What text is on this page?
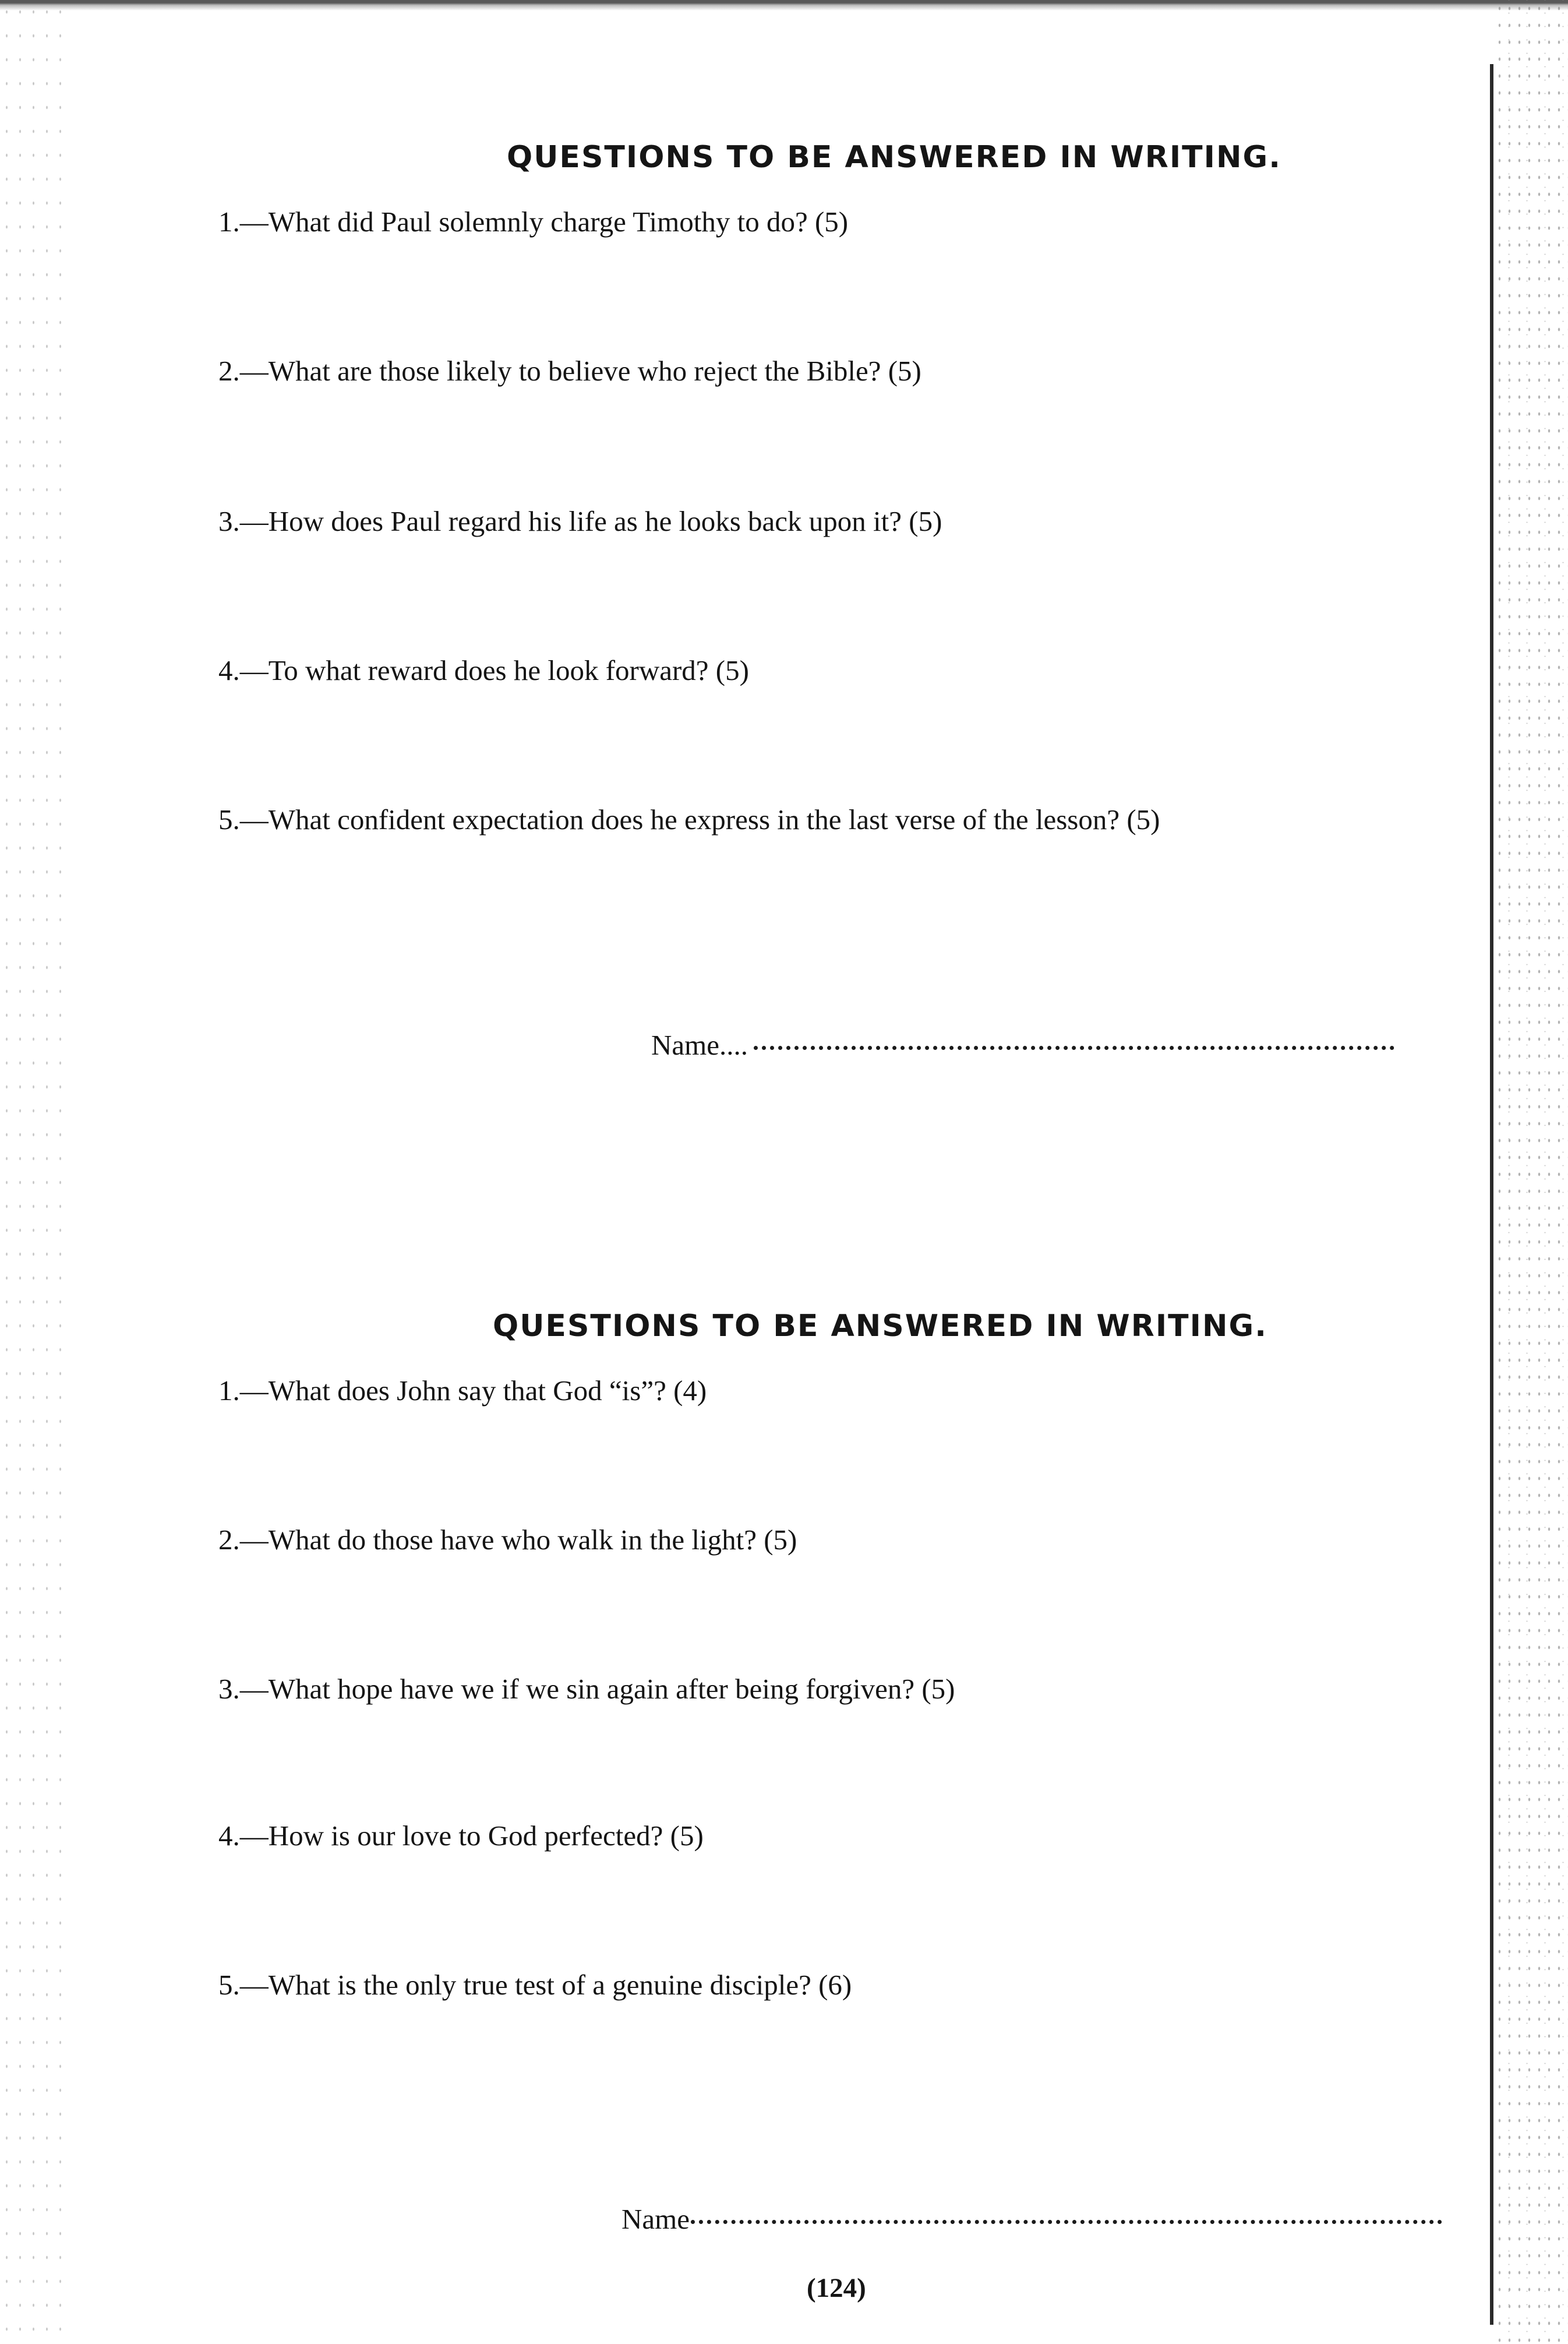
QUESTIONS TO BE ANSWERED IN WRITING.
1.—What did Paul solemnly charge Timothy to do? (5)
2.—What are those likely to believe who reject the Bible? (5)
3.—How does Paul regard his life as he looks back upon it? (5)
4.—To what reward does he look forward? (5)
5.—What confident expectation does he express in the last verse of the lesson? (5)
Name....
QUESTIONS TO BE ANSWERED IN WRITING.
1.—What does John say that God “is”? (4)
2.—What do those have who walk in the light? (5)
3.—What hope have we if we sin again after being forgiven? (5)
4.—How is our love to God perfected? (5)
5.—What is the only true test of a genuine disciple? (6)
Name
(124)
